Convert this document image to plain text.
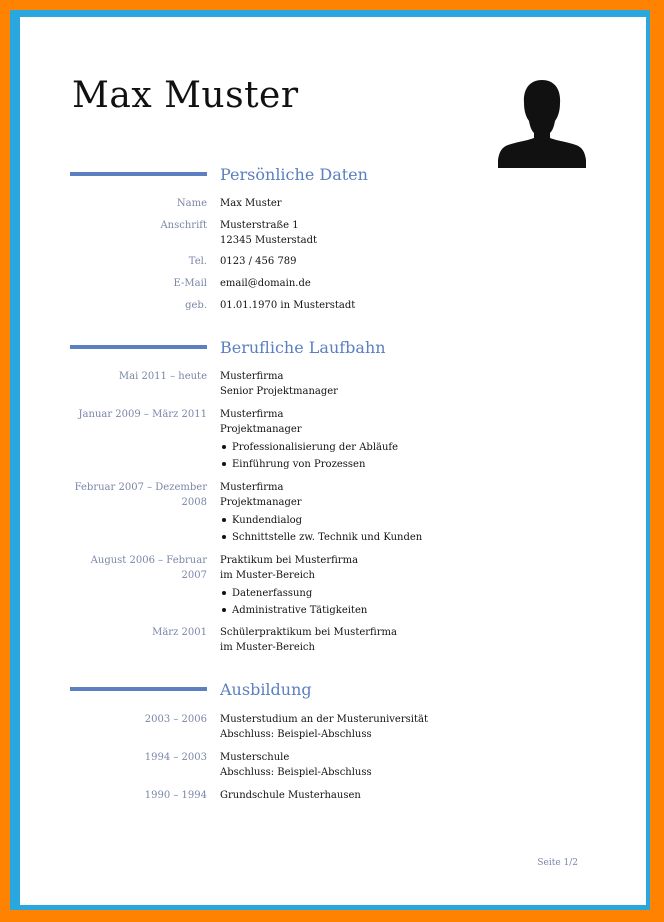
Max Muster
Persönliche Daten
Name Max Muster
Anschrift Musterstraße 1
12345 Musterstadt
Tel. 0123 / 456 789
E-Mail email@domain.de
geb. 01.01.1970 in Musterstadt
Berufliche Laufbahn
Mai 2011 – heute Musterfirma
Senior Projektmanager
Januar 2009 – März 2011 Musterfirma
Projektmanager
Professionalisierung der Abläufe
Einführung von Prozessen
Februar 2007 – Dezember 2008
Musterfirma
Projektmanager
Kundendialog
Schnittstelle zw. Technik und Kunden
August 2006 – Februar 2007
Praktikum bei Musterfirma
im Muster-Bereich
Datenerfassung
Administrative Tätigkeiten
März 2001 Schülerpraktikum bei Musterfirma
im Muster-Bereich
Ausbildung
2003 – 2006 Musterstudium an der Musteruniversität
Abschluss: Beispiel-Abschluss
1994 – 2003 Musterschule
Abschluss: Beispiel-Abschluss
1990 – 1994 Grundschule Musterhausen
Seite 1/2
